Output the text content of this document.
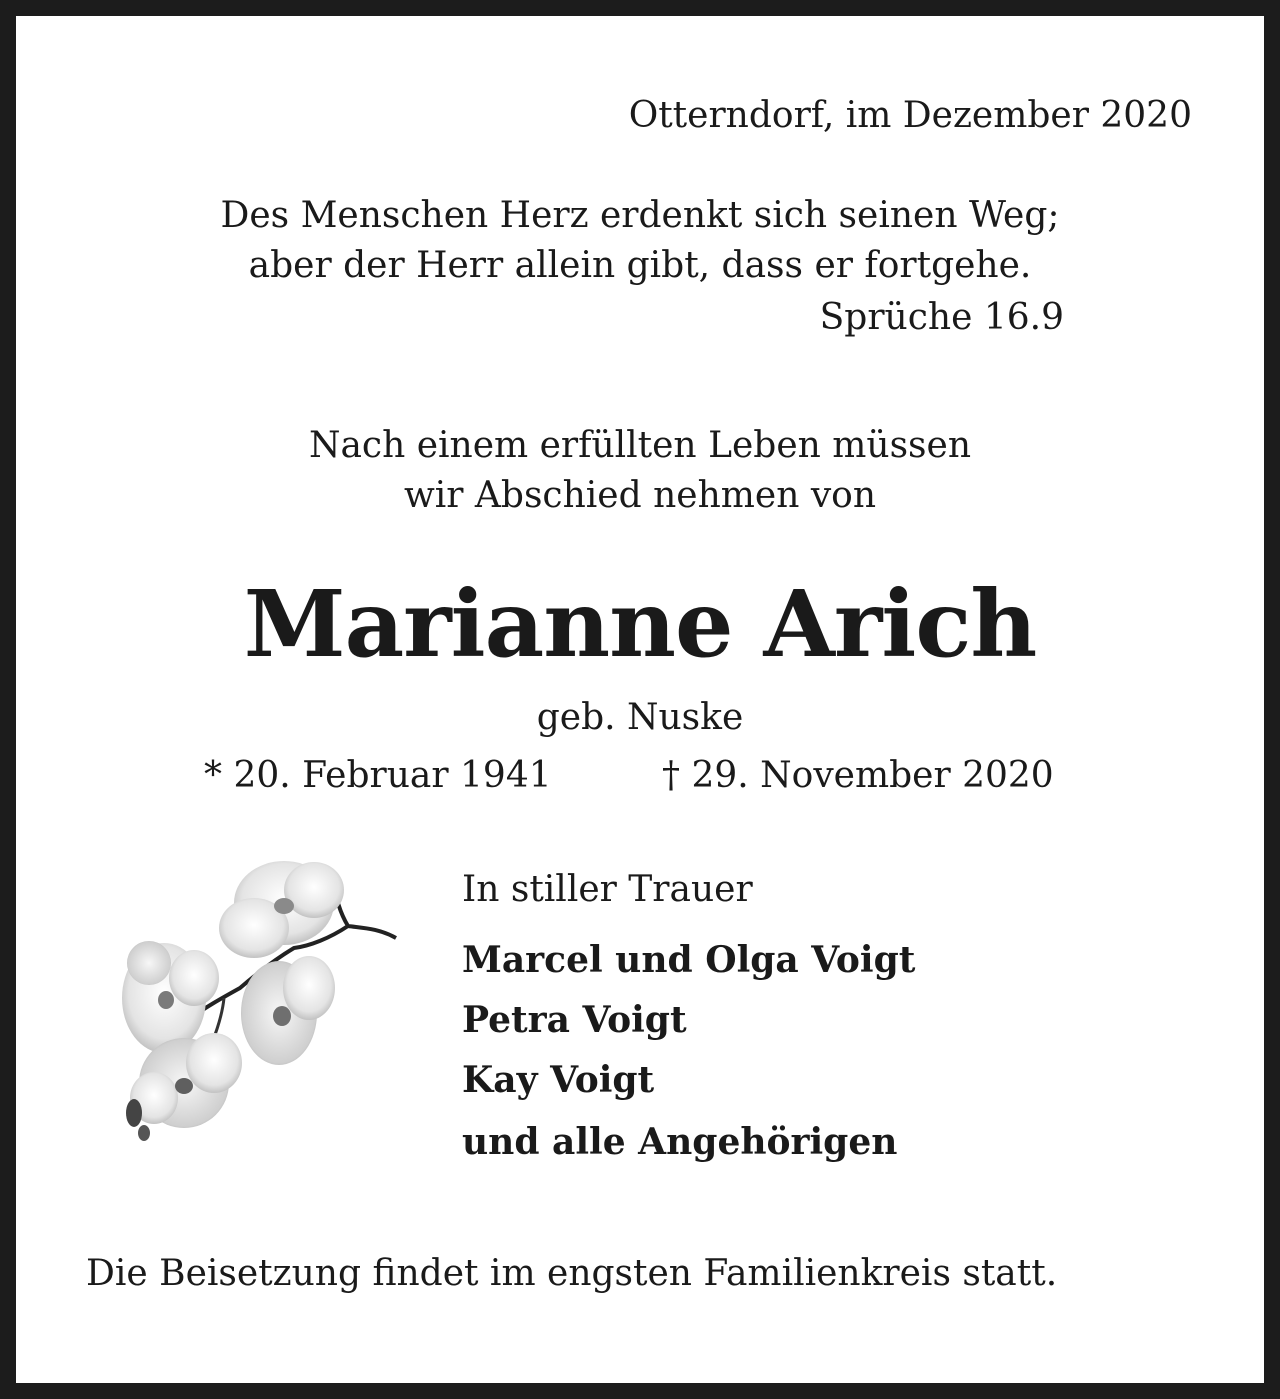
Otterndorf, im Dezember 2020
Des Menschen Herz erdenkt sich seinen Weg;
aber der Herr allein gibt, dass er fortgehe.
Sprüche 16.9
Nach einem erfüllten Leben müssen
wir Abschied nehmen von
Marianne Arich
geb. Nuske
* 20. Februar 1941	† 29. November 2020
In stiller Trauer
Marcel und Olga Voigt
Petra Voigt
Kay Voigt
und alle Angehörigen
Die Beisetzung findet im engsten Familienkreis statt.
